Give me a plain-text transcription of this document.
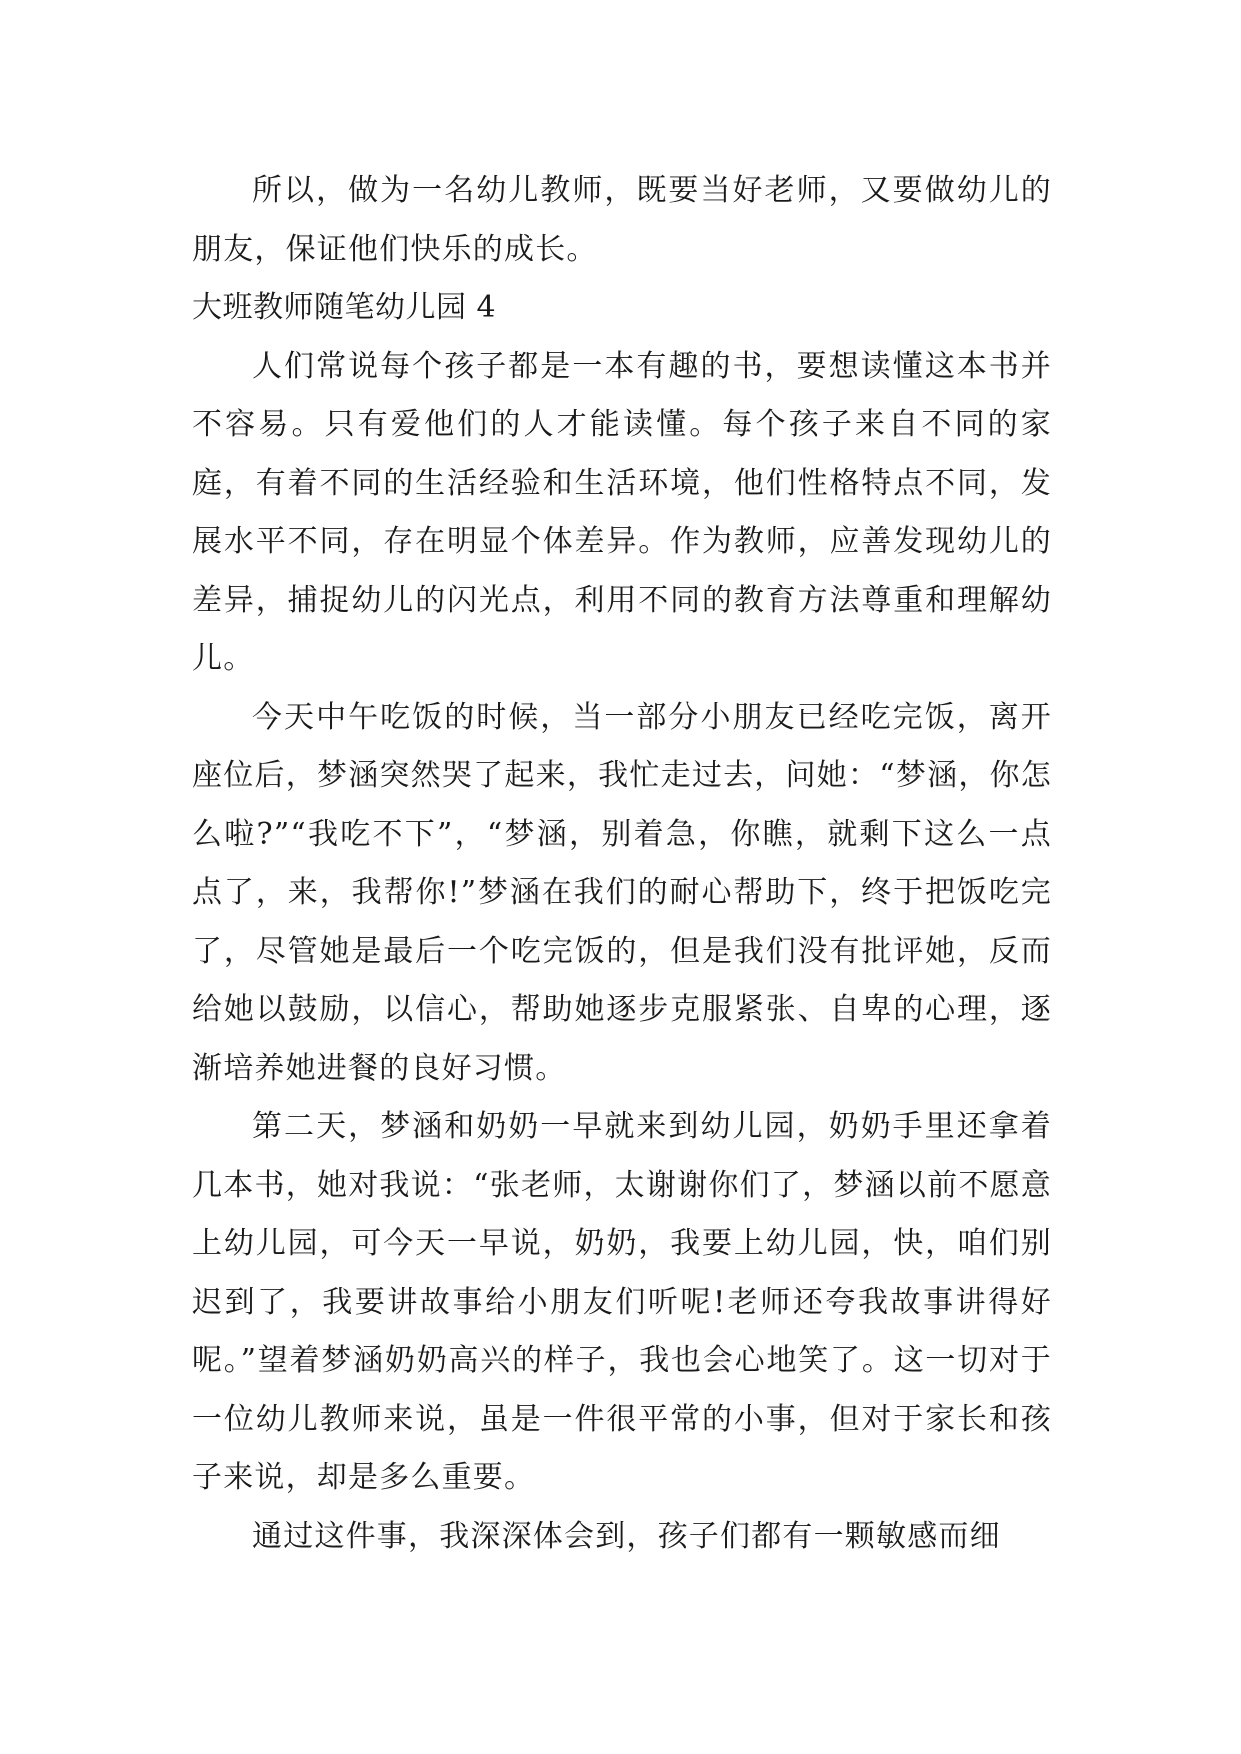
所以，做为一名幼儿教师，既要当好老师，又要做幼儿的朋友，保证他们快乐的成长。

大班教师随笔幼儿园 4

人们常说每个孩子都是一本有趣的书，要想读懂这本书并不容易。只有爱他们的人才能读懂。每个孩子来自不同的家庭，有着不同的生活经验和生活环境，他们性格特点不同，发展水平不同，存在明显个体差异。作为教师，应善发现幼儿的差异，捕捉幼儿的闪光点，利用不同的教育方法尊重和理解幼儿。

今天中午吃饭的时候，当一部分小朋友已经吃完饭，离开座位后，梦涵突然哭了起来，我忙走过去，问她：“梦涵，你怎么啦?”“我吃不下”，“梦涵，别着急，你瞧，就剩下这么一点点了，来，我帮你!”梦涵在我们的耐心帮助下，终于把饭吃完了，尽管她是最后一个吃完饭的，但是我们没有批评她，反而给她以鼓励，以信心，帮助她逐步克服紧张、自卑的心理，逐渐培养她进餐的良好习惯。

第二天，梦涵和奶奶一早就来到幼儿园，奶奶手里还拿着几本书，她对我说：“张老师，太谢谢你们了，梦涵以前不愿意上幼儿园，可今天一早说，奶奶，我要上幼儿园，快，咱们别迟到了，我要讲故事给小朋友们听呢!老师还夸我故事讲得好呢。”望着梦涵奶奶高兴的样子，我也会心地笑了。这一切对于一位幼儿教师来说，虽是一件很平常的小事，但对于家长和孩子来说，却是多么重要。

通过这件事，我深深体会到，孩子们都有一颗敏感而细
